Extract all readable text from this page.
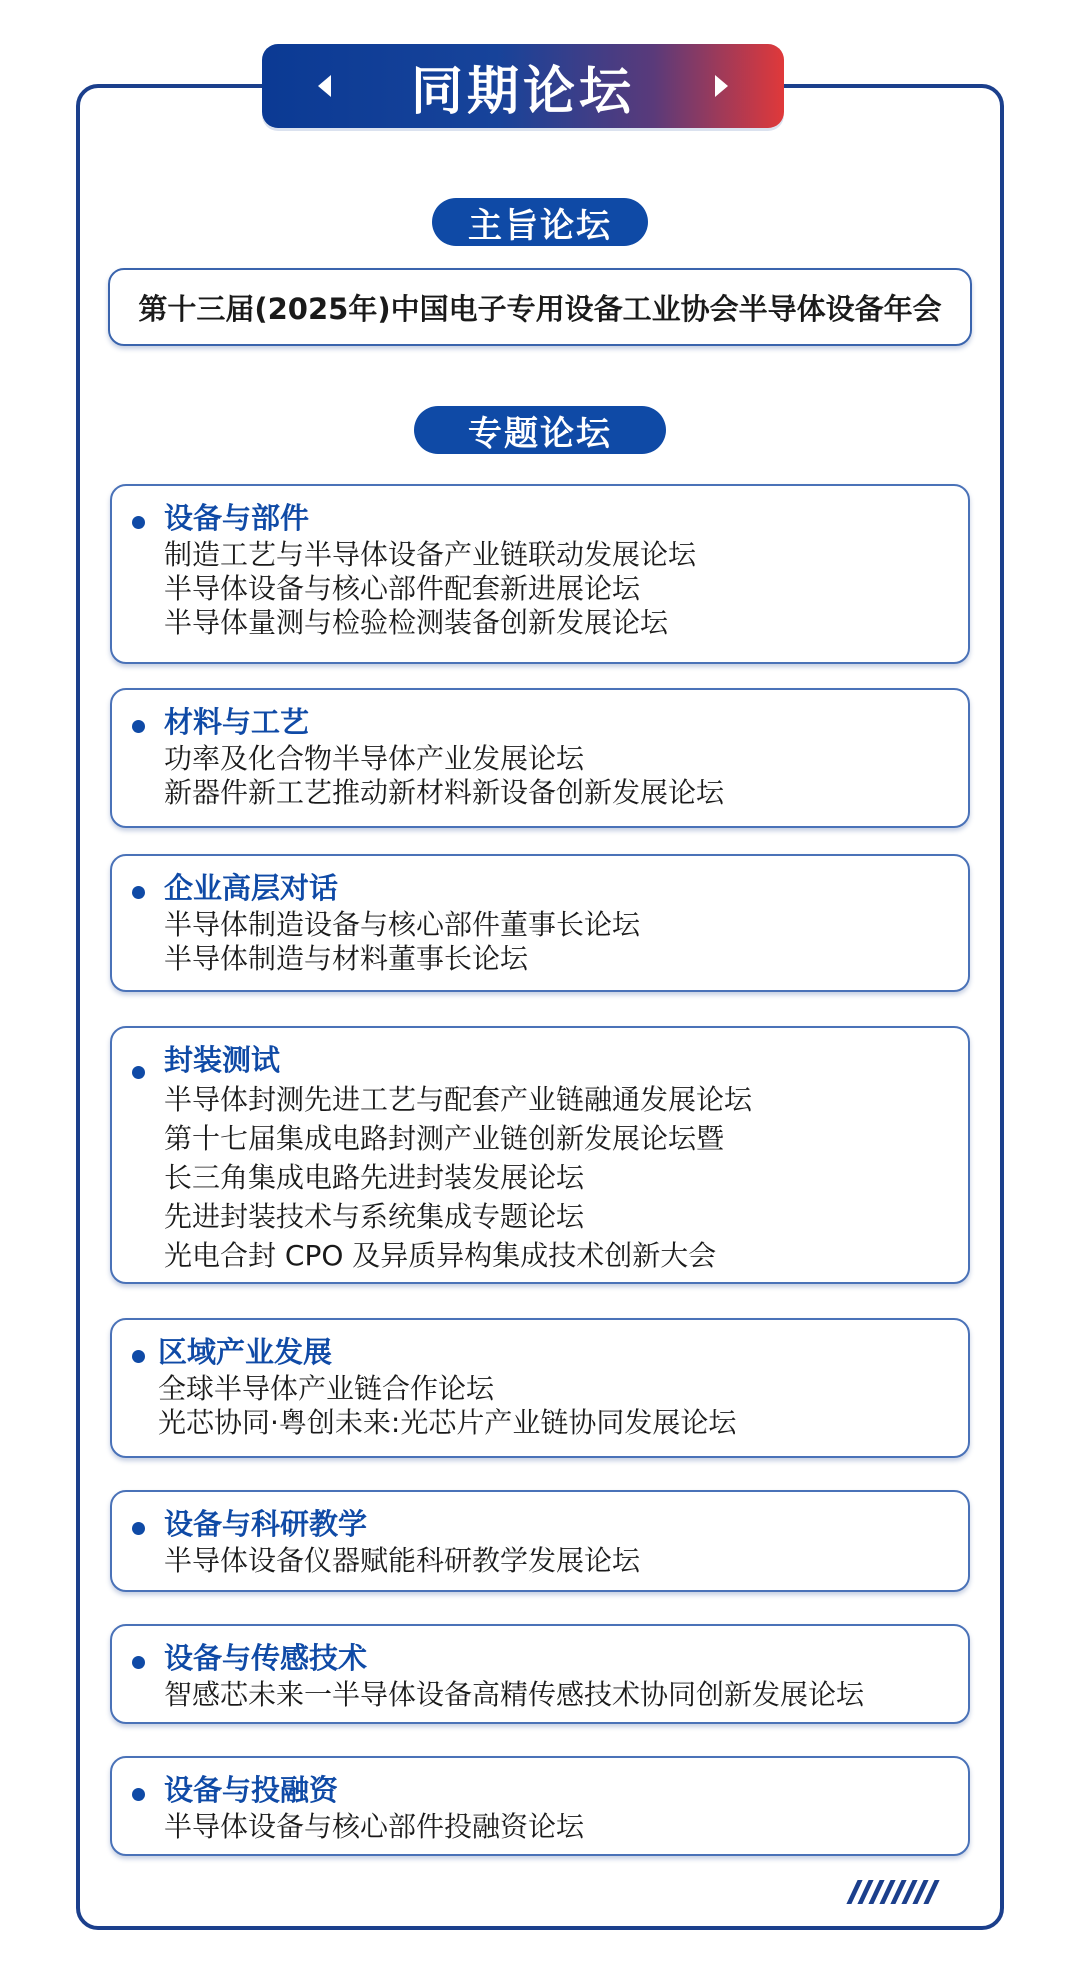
同期论坛
主旨论坛
第十三届(2025年)中国电子专用设备工业协会半导体设备年会
专题论坛
设备与部件
制造工艺与半导体设备产业链联动发展论坛
半导体设备与核心部件配套新进展论坛
半导体量测与检验检测装备创新发展论坛
材料与工艺
功率及化合物半导体产业发展论坛
新器件新工艺推动新材料新设备创新发展论坛
企业高层对话
半导体制造设备与核心部件董事长论坛
半导体制造与材料董事长论坛
封装测试
半导体封测先进工艺与配套产业链融通发展论坛
第十七届集成电路封测产业链创新发展论坛暨
长三角集成电路先进封装发展论坛
先进封装技术与系统集成专题论坛
光电合封 CPO 及异质异构集成技术创新大会
区域产业发展
全球半导体产业链合作论坛
光芯协同·粤创未来:光芯片产业链协同发展论坛
设备与科研教学
半导体设备仪器赋能科研教学发展论坛
设备与传感技术
智感芯未来一半导体设备高精传感技术协同创新发展论坛
设备与投融资
半导体设备与核心部件投融资论坛
